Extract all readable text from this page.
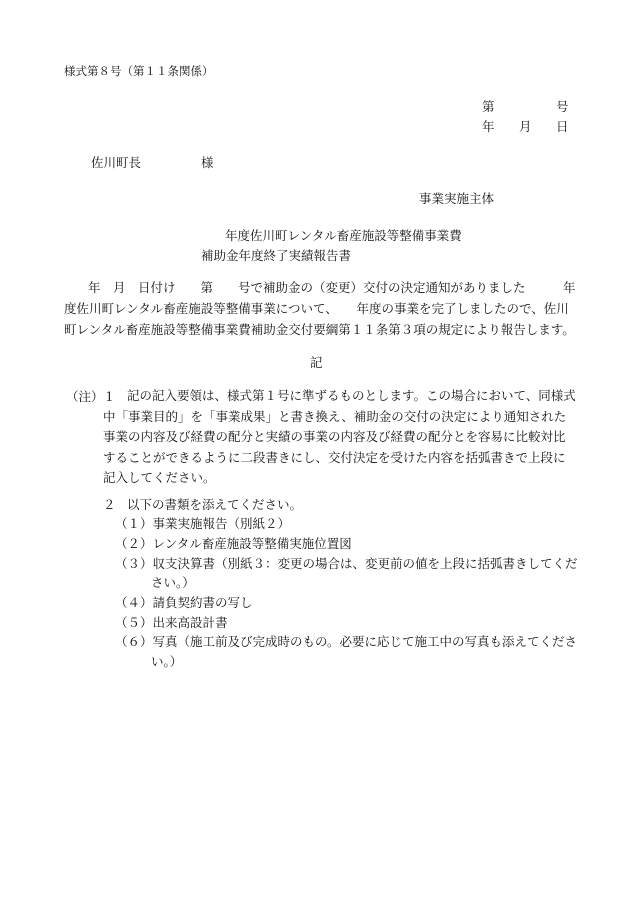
様式第８号（第１１条関係）
第	号
年 月 日
佐川町長	様
事業実施主体
年度佐川町レンタル畜産施設等整備事業費
補助金年度終了実績報告書
年　月　日付け　　第　　号で補助金の（変更）交付の決定通知がありました　　　年
度佐川町レンタル畜産施設等整備事業について、　　年度の事業を完了しましたので、佐川
町レンタル畜産施設等整備事業費補助金交付要綱第１１条第３項の規定により報告します。
記
（注） １ 記の記入要領は、様式第１号に準ずるものとします。この場合において、同様式
中「事業目的」を「事業成果」と書き換え、補助金の交付の決定により通知された
事業の内容及び経費の配分と実績の事業の内容及び経費の配分とを容易に比較対比
することができるように二段書きにし、交付決定を受けた内容を括弧書きで上段に
記入してください。
２ 以下の書類を添えてください。
（１）事業実施報告（別紙２）
（２）レンタル畜産施設等整備実施位置図
（３）収支決算書（別紙３：変更の場合は、変更前の値を上段に括弧書きしてくだ
さい。）
（４）請負契約書の写し
（５）出来高設計書
（６）写真（施工前及び完成時のもの。必要に応じて施工中の写真も添えてくださ
い。）
